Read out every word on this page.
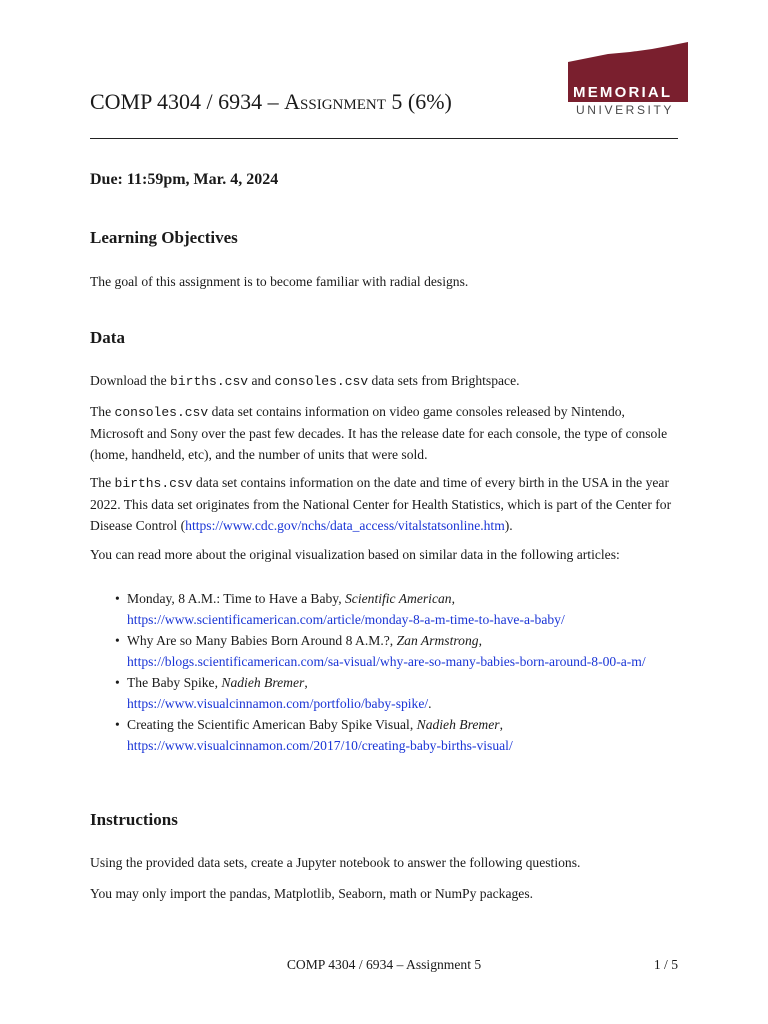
COMP 4304 / 6934 – Assignment 5 (6%)	MEMORIAL
UNIVERSITY
Due: 11:59pm, Mar. 4, 2024
Learning Objectives

The goal of this assignment is to become familiar with radial designs.

Data

Download the births.csv and consoles.csv data sets from Brightspace.

The consoles.csv data set contains information on video game consoles released by Nintendo, Microsoft and Sony over the past few decades. It has the release date for each console, the type of console (home, handheld, etc), and the number of units that were sold.

The births.csv data set contains information on the date and time of every birth in the USA in the year 2022. This data set originates from the National Center for Health Statistics, which is part of the Center for Disease Control (https://www.cdc.gov/nchs/data_access/vitalstatsonline.htm).

You can read more about the original visualization based on similar data in the following articles:

• Monday, 8 A.M.: Time to Have a Baby, Scientific American,
https://www.scientificamerican.com/article/monday-8-a-m-time-to-have-a-baby/
• Why Are so Many Babies Born Around 8 A.M.?, Zan Armstrong,
https://blogs.scientificamerican.com/sa-visual/why-are-so-many-babies-born-around-8-00-a-m/
• The Baby Spike, Nadieh Bremer,
https://www.visualcinnamon.com/portfolio/baby-spike/.
• Creating the Scientific American Baby Spike Visual, Nadieh Bremer,
https://www.visualcinnamon.com/2017/10/creating-baby-births-visual/
Instructions

Using the provided data sets, create a Jupyter notebook to answer the following questions.

You may only import the pandas, Matplotlib, Seaborn, math or NumPy packages.

COMP 4304 / 6934 – Assignment 5	1 / 5
